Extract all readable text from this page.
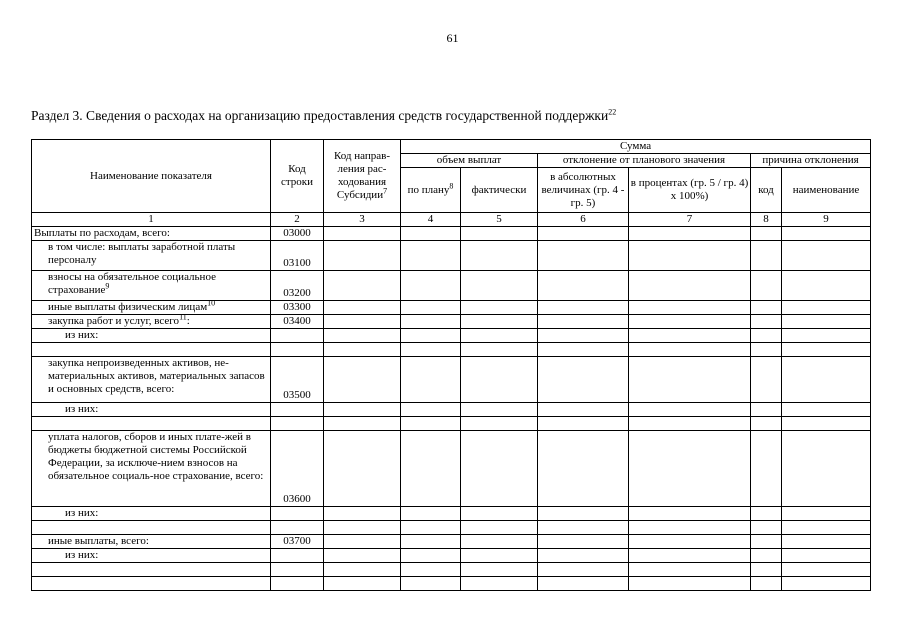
61
Раздел 3. Сведения о расходах на организацию предоставления средств государственной поддержки$^{22}$
Наименование показателя	Код строки	Код направ-ления рас-ходования Субсидии$^7$	Сумма					
			объем выплат		отклонение от планового значения		причина отклонения	
			по плану$^8$	фактически	в абсолютных величинах (гр. 4 - гр. 5)	в процентах (гр. 5 / гр. 4) x 100%)	код	наименование
1	2	3	4	5	6	7	8	9
Выплаты по расходам, всего:	03000							
в том числе: выплаты заработной платы персоналу	03100							
взносы на обязательное социальное страхование$^9$	03200							
иные выплаты физическим лицам$^{10}$	03300							
закупка работ и услуг, всего$^{11}$:	03400							
из них:								

закупка непроизведенных активов, не-материальных активов, материальных запасов и основных средств, всего:	03500							
из них:								

уплата налогов, сборов и иных плате-жей в бюджеты бюджетной системы Российской Федерации, за исключе-нием взносов на обязательное социаль-ное страхование, всего:	03600							
из них:								

иные выплаты, всего:	03700							
из них:								
